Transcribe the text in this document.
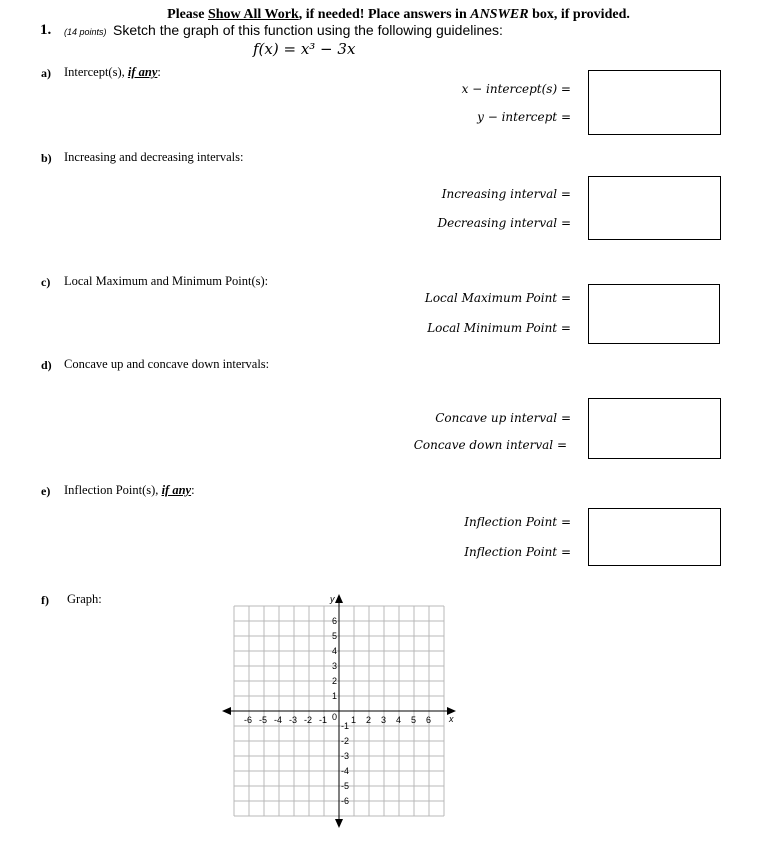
Please Show All Work, if needed! Place answers in ANSWER box, if provided.
1. (14 points) Sketch the graph of this function using the following guidelines:
f(x) = x³ − 3x
a) Intercept(s), if any:
x − intercept(s) =
y − intercept =
b) Increasing and decreasing intervals:
Increasing interval =
Decreasing interval =
c) Local Maximum and Minimum Point(s):
Local Maximum Point =
Local Minimum Point =
d) Concave up and concave down intervals:
Concave up interval =
Concave down interval =
e) Inflection Point(s), if any:
Inflection Point =
Inflection Point =
f) Graph:
-6 -5 -4 -3 -2 -1	1 2 3 4 5 6
-6
-5
-4
-3
-2
-1
1
2
3
4
5
6
y
x
0
